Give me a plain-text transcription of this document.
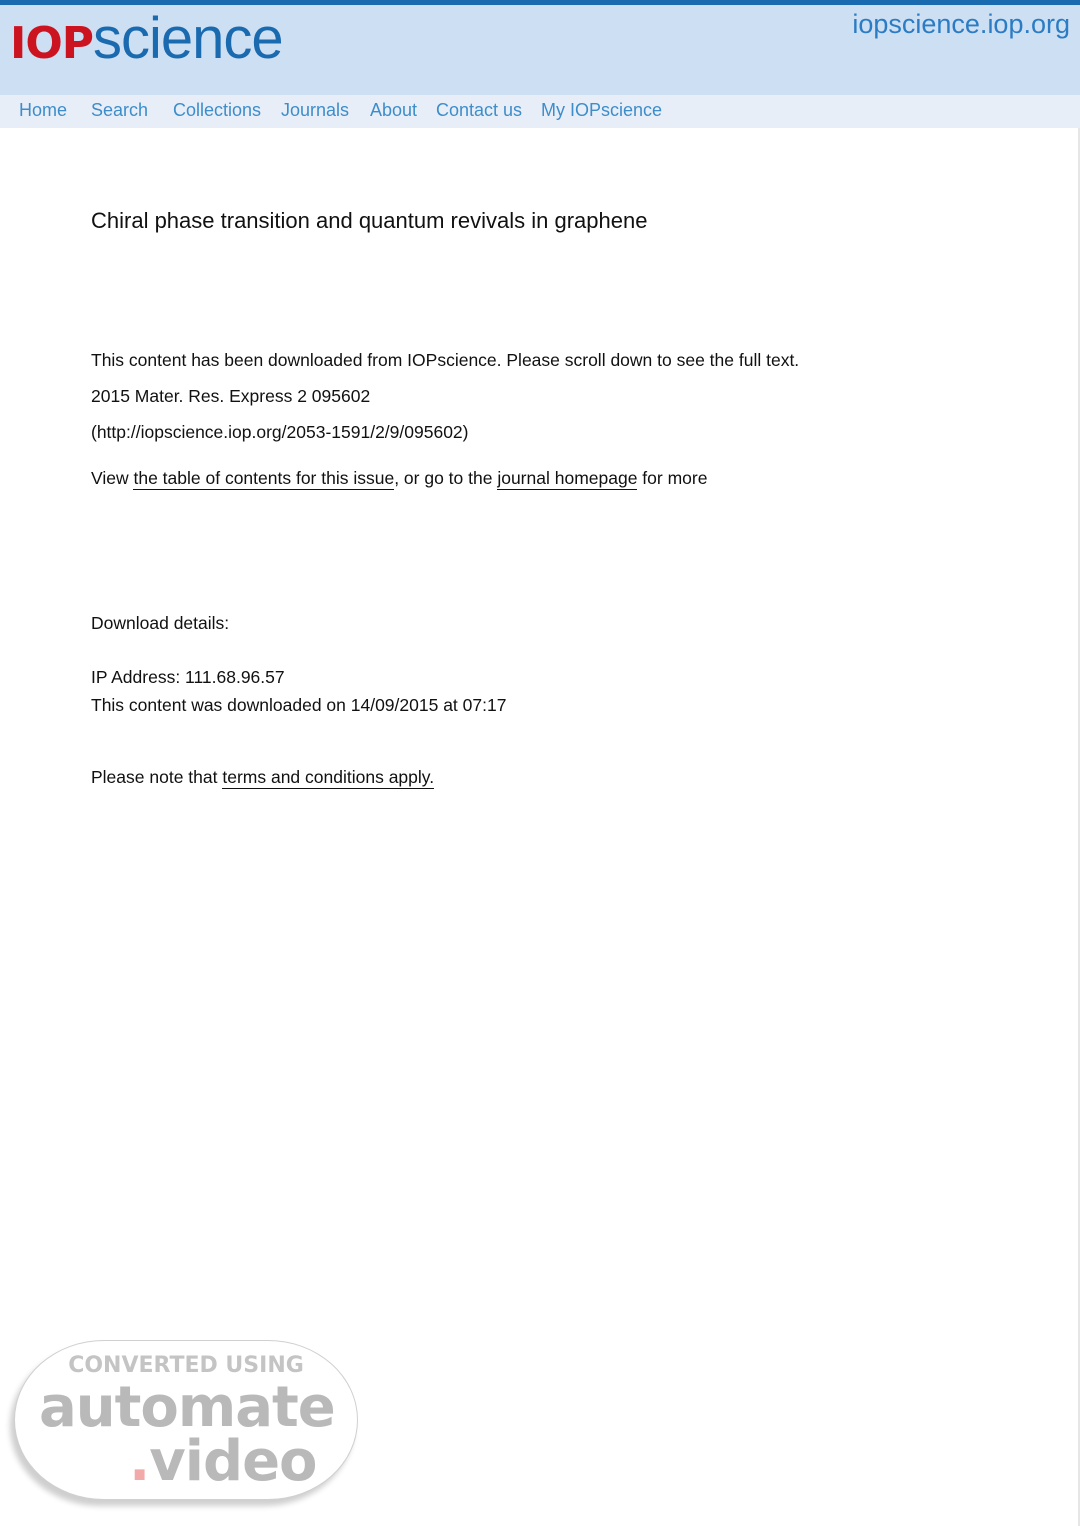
IOP science	iopscience.iop.org
Home Search Collections Journals About Contact us My IOPscience
Chiral phase transition and quantum revivals in graphene
This content has been downloaded from IOPscience. Please scroll down to see the full text.
2015 Mater. Res. Express 2 095602
(http://iopscience.iop.org/2053-1591/2/9/095602)
View the table of contents for this issue, or go to the journal homepage for more
Download details:
IP Address: 111.68.96.57
This content was downloaded on 14/09/2015 at 07:17
Please note that terms and conditions apply.
CONVERTED USING
automate
.video
